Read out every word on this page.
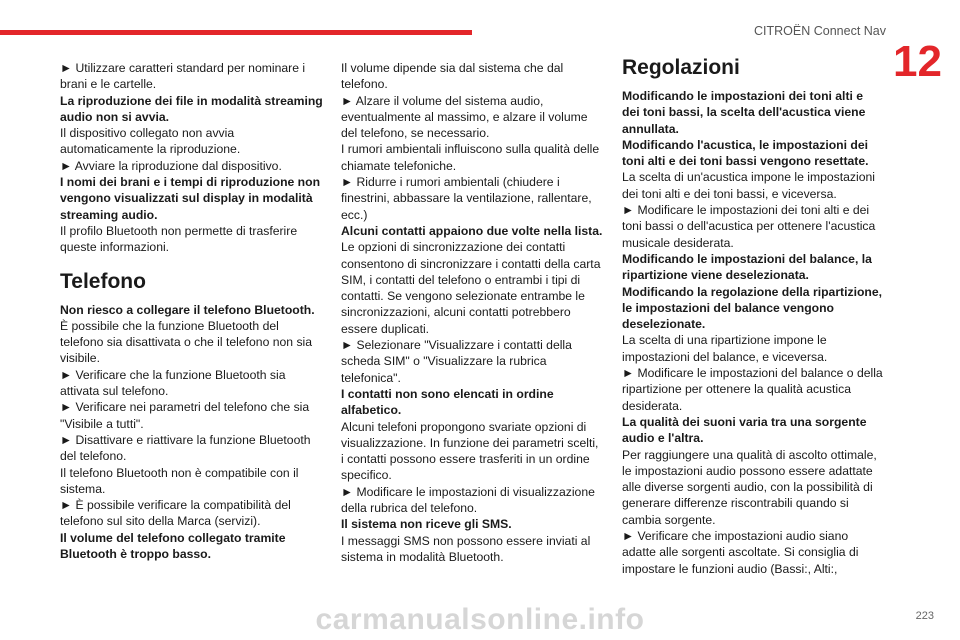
CITROËN Connect Nav
12

► Utilizzare caratteri standard per nominare i brani e le cartelle.

La riproduzione dei file in modalità streaming audio non si avvia.

Il dispositivo collegato non avvia automaticamente la riproduzione.

► Avviare la riproduzione dal dispositivo.

I nomi dei brani e i tempi di riproduzione non vengono visualizzati sul display in modalità streaming audio.

Il profilo Bluetooth non permette di trasferire queste informazioni.

Telefono

Non riesco a collegare il telefono Bluetooth.

È possibile che la funzione Bluetooth del telefono sia disattivata o che il telefono non sia visibile.

► Verificare che la funzione Bluetooth sia attivata sul telefono.

► Verificare nei parametri del telefono che sia "Visibile a tutti".

► Disattivare e riattivare la funzione Bluetooth del telefono.

Il telefono Bluetooth non è compatibile con il sistema.

► È possibile verificare la compatibilità del telefono sul sito della Marca (servizi).

Il volume del telefono collegato tramite Bluetooth è troppo basso.

Il volume dipende sia dal sistema che dal telefono.

► Alzare il volume del sistema audio, eventualmente al massimo, e alzare il volume del telefono, se necessario.

I rumori ambientali influiscono sulla qualità delle chiamate telefoniche.

► Ridurre i rumori ambientali (chiudere i finestrini, abbassare la ventilazione, rallentare, ecc.)

Alcuni contatti appaiono due volte nella lista.

Le opzioni di sincronizzazione dei contatti consentono di sincronizzare i contatti della carta SIM, i contatti del telefono o entrambi i tipi di contatti. Se vengono selezionate entrambe le sincronizzazioni, alcuni contatti potrebbero essere duplicati.

► Selezionare "Visualizzare i contatti della scheda SIM" o "Visualizzare la rubrica telefonica".

I contatti non sono elencati in ordine alfabetico.

Alcuni telefoni propongono svariate opzioni di visualizzazione. In funzione dei parametri scelti, i contatti possono essere trasferiti in un ordine specifico.

► Modificare le impostazioni di visualizzazione della rubrica del telefono.

Il sistema non riceve gli SMS.

I messaggi SMS non possono essere inviati al sistema in modalità Bluetooth.

Regolazioni

Modificando le impostazioni dei toni alti e dei toni bassi, la scelta dell'acustica viene annullata.

Modificando l'acustica, le impostazioni dei toni alti e dei toni bassi vengono resettate.

La scelta di un'acustica impone le impostazioni dei toni alti e dei toni bassi, e viceversa.

► Modificare le impostazioni dei toni alti e dei toni bassi o dell'acustica per ottenere l'acustica musicale desiderata.

Modificando le impostazioni del balance, la ripartizione viene deselezionata.

Modificando la regolazione della ripartizione, le impostazioni del balance vengono deselezionate.

La scelta di una ripartizione impone le impostazioni del balance, e viceversa.

► Modificare le impostazioni del balance o della ripartizione per ottenere la qualità acustica desiderata.

La qualità dei suoni varia tra una sorgente audio e l'altra.

Per raggiungere una qualità di ascolto ottimale, le impostazioni audio possono essere adattate alle diverse sorgenti audio, con la possibilità di generare differenze riscontrabili quando si cambia sorgente.

► Verificare che impostazioni audio siano adatte alle sorgenti ascoltate. Si consiglia di impostare le funzioni audio (Bassi:, Alti:,

223
carmanualsonline.info
